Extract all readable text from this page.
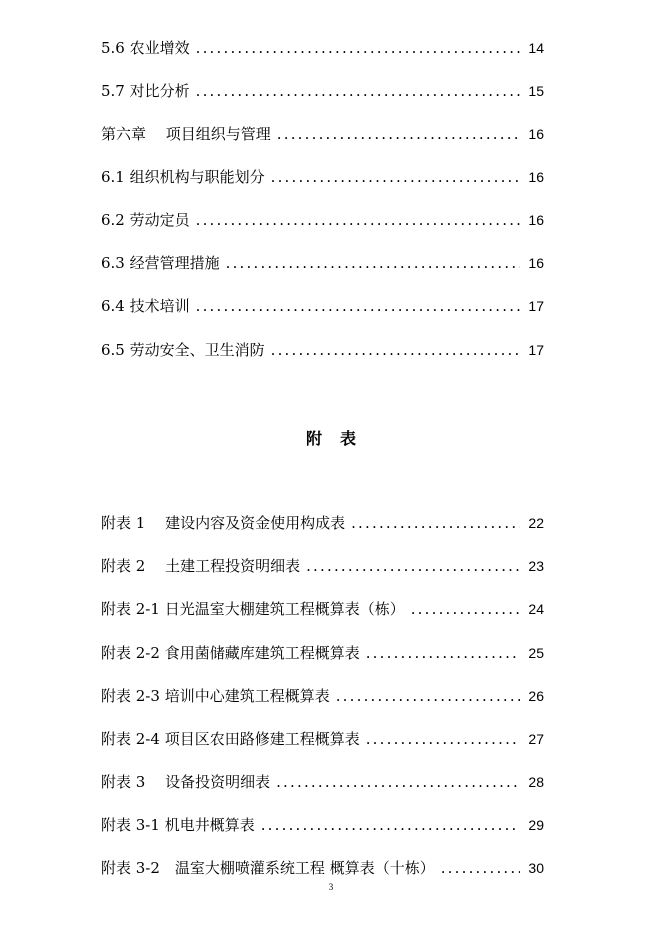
5.6 农业增效 .....	14
5.7 对比分析 .....	15
第六章　 项目组织与管理 .....	16
6.1 组织机构与职能划分 .....	16
6.2 劳动定员 .....	16
6.3 经营管理措施 .....	16
6.4 技术培训 .....	17
6.5 劳动安全、卫生消防 .....	17
附表
附表 1　 建设内容及资金使用构成表 .....	22
附表 2　 土建工程投资明细表 .....	23
附表 2-1 日光温室大棚建筑工程概算表（栋） .....	24
附表 2-2 食用菌储藏库建筑工程概算表 .....	25
附表 2-3 培训中心建筑工程概算表 .....	26
附表 2-4 项目区农田路修建工程概算表 .....	27
附表 3　 设备投资明细表 .....	28
附表 3-1 机电井概算表 .....	29
附表 3-2　温室大棚喷灌系统工程 概算表（十栋） .....	30
3
